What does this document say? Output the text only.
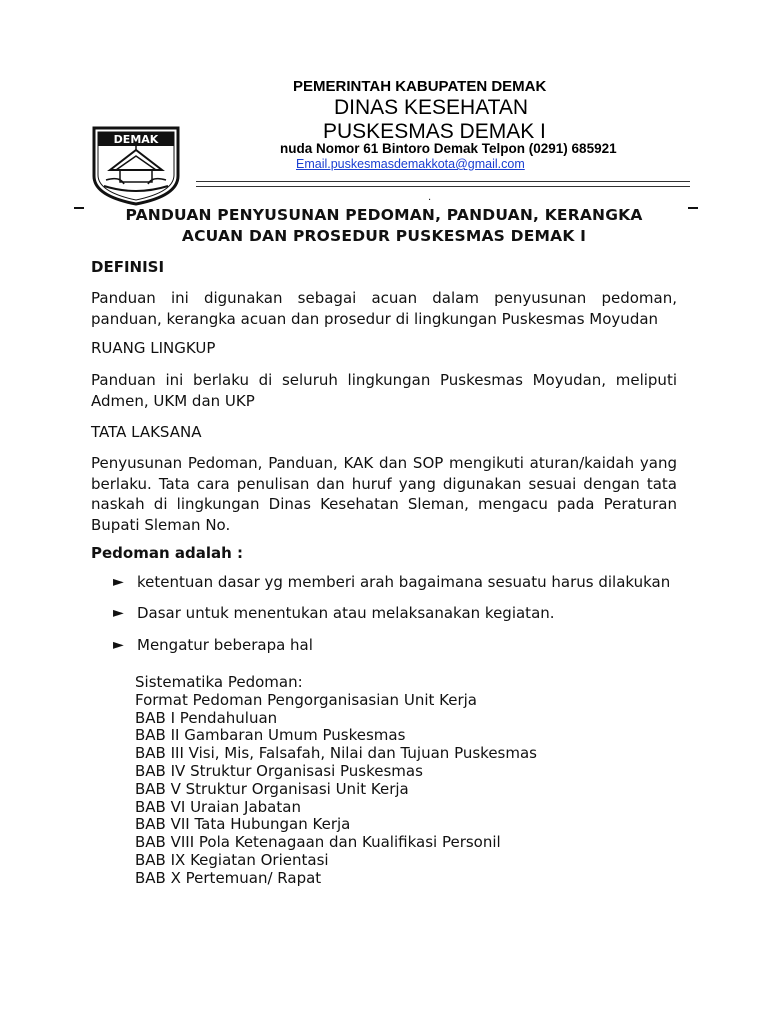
DEMAK
PEMERINTAH KABUPATEN DEMAK
DINAS KESEHATAN
PUSKESMAS DEMAK I
nuda Nomor 61 Bintoro Demak Telpon (0291) 685921
Email.puskesmasdemakkota@gmail.com
.
PANDUAN PENYUSUNAN PEDOMAN, PANDUAN, KERANGKA
ACUAN DAN PROSEDUR PUSKESMAS DEMAK I
DEFINISI

Panduan ini digunakan sebagai acuan dalam penyusunan pedoman, panduan, kerangka acuan dan prosedur di lingkungan Puskesmas Moyudan

RUANG LINGKUP

Panduan ini berlaku di seluruh lingkungan Puskesmas Moyudan, meliputi Admen, UKM dan UKP

TATA LAKSANA

Penyusunan Pedoman, Panduan, KAK dan SOP mengikuti aturan/kaidah yang berlaku. Tata cara penulisan dan huruf yang digunakan sesuai dengan tata naskah di lingkungan Dinas Kesehatan Sleman, mengacu pada Peraturan Bupati Sleman No.

Pedoman adalah :
► ketentuan dasar yg memberi arah bagaimana sesuatu harus dilakukan
► Dasar untuk menentukan atau melaksanakan kegiatan.
► Mengatur beberapa hal
Sistematika Pedoman:
Format Pedoman Pengorganisasian Unit Kerja
BAB I Pendahuluan
BAB II Gambaran Umum Puskesmas
BAB III Visi, Mis, Falsafah, Nilai dan Tujuan Puskesmas
BAB IV Struktur Organisasi Puskesmas
BAB V Struktur Organisasi Unit Kerja
BAB VI Uraian Jabatan
BAB VII Tata Hubungan Kerja
BAB VIII Pola Ketenagaan dan Kualifikasi Personil
BAB IX Kegiatan Orientasi
BAB X Pertemuan/ Rapat
